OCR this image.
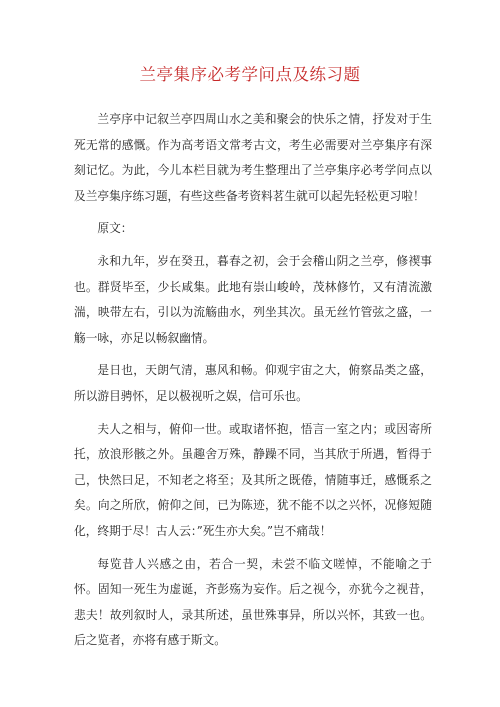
兰亭集序必考学问点及练习题

兰亭序中记叙兰亭四周山水之美和聚会的快乐之情，抒发对于生死无常的感慨。作为高考语文常考古文，考生必需要对兰亭集序有深刻记忆。为此，今儿本栏目就为考生整理出了兰亭集序必考学问点以及兰亭集序练习题，有些这些备考资料茗生就可以起先轻松更习啦！

原文：

永和九年，岁在癸丑，暮春之初，会于会稽山阴之兰亭，修禊事也。群贤毕至，少长咸集。此地有崇山峻岭，茂林修竹，又有清流激湍，映带左右，引以为流觞曲水，列坐其次。虽无丝竹管弦之盛，一觞一咏，亦足以畅叙幽情。

是日也，天朗气清，惠风和畅。仰观宇宙之大，俯察品类之盛，所以游目骋怀，足以极视听之娱，信可乐也。

夫人之相与，俯仰一世。或取诸怀抱，悟言一室之内；或因寄所托，放浪形骸之外。虽趣舍万殊，静躁不同，当其欣于所遇，暂得于己，快然曰足，不知老之将至；及其所之既倦，情随事迁，感慨系之矣。向之所欣，俯仰之间，已为陈迹，犹不能不以之兴怀，况修短随化，终期于尽！古人云：”死生亦大矣。”岂不痛哉！

每览昔人兴感之由，若合一契，未尝不临文嗟悼，不能喻之于怀。固知一死生为虚诞，齐彭殇为妄作。后之视今，亦犹今之视昔，悲夫！故列叙时人，录其所述，虽世殊事异，所以兴怀，其致一也。后之览者，亦将有感于斯文。
